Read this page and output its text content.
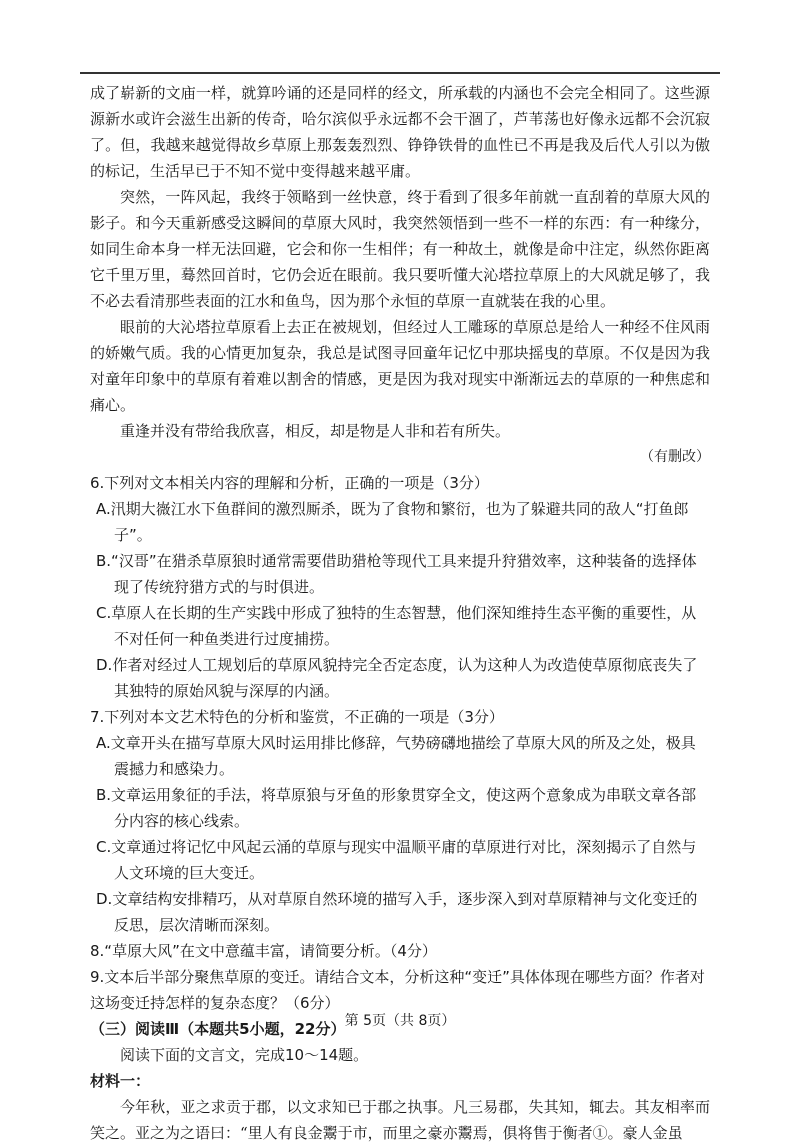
成了崭新的文庙一样，就算吟诵的还是同样的经文，所承载的内涵也不会完全相同了。这些源源新水或许会滋生出新的传奇，哈尔滨似乎永远都不会干涸了，芦苇荡也好像永远都不会沉寂了。但，我越来越觉得故乡草原上那轰轰烈烈、铮铮铁骨的血性已不再是我及后代人引以为傲的标记，生活早已于不知不觉中变得越来越平庸。

突然，一阵风起，我终于领略到一丝快意，终于看到了很多年前就一直刮着的草原大风的影子。和今天重新感受这瞬间的草原大风时，我突然领悟到一些不一样的东西：有一种缘分，如同生命本身一样无法回避，它会和你一生相伴；有一种故土，就像是命中注定，纵然你距离它千里万里，蓦然回首时，它仍会近在眼前。我只要听懂大沁塔拉草原上的大风就足够了，我不必去看清那些表面的江水和鱼鸟，因为那个永恒的草原一直就装在我的心里。

眼前的大沁塔拉草原看上去正在被规划，但经过人工雕琢的草原总是给人一种经不住风雨的娇嫩气质。我的心情更加复杂，我总是试图寻回童年记忆中那块摇曳的草原。不仅是因为我对童年印象中的草原有着难以割舍的情感，更是因为我对现实中渐渐远去的草原的一种焦虑和痛心。

重逢并没有带给我欣喜，相反，却是物是人非和若有所失。

（有删改）

6.下列对文本相关内容的理解和分析，正确的一项是（3分）

A.汛期大嶶江水下鱼群间的激烈厮杀，既为了食物和繁衍，也为了躲避共同的敌人“打鱼郎子”。

B.“汉哥”在猎杀草原狼时通常需要借助猎枪等现代工具来提升狩猎效率，这种装备的选择体现了传统狩猎方式的与时俱进。

C.草原人在长期的生产实践中形成了独特的生态智慧，他们深知维持生态平衡的重要性，从不对任何一种鱼类进行过度捕捞。

D.作者对经过人工规划后的草原风貌持完全否定态度，认为这种人为改造使草原彻底丧失了其独特的原始风貌与深厚的内涵。

7.下列对本文艺术特色的分析和鉴赏，不正确的一项是（3分）

A.文章开头在描写草原大风时运用排比修辞，气势磅礴地描绘了草原大风的所及之处，极具震撼力和感染力。

B.文章运用象征的手法，将草原狼与牙鱼的形象贯穿全文，使这两个意象成为串联文章各部分内容的核心线索。

C.文章通过将记忆中风起云涌的草原与现实中温顺平庸的草原进行对比，深刻揭示了自然与人文环境的巨大变迁。

D.文章结构安排精巧，从对草原自然环境的描写入手，逐步深入到对草原精神与文化变迁的反思，层次清晰而深刻。

8.“草原大风”在文中意蕴丰富，请简要分析。（4分）

9.文本后半部分聚焦草原的变迁。请结合文本，分析这种“变迁”具体体现在哪些方面？作者对这场变迁持怎样的复杂态度？（6分）

（三）阅读Ⅲ（本题共5小题，22分）

阅读下面的文言文，完成10～14题。

材料一：

今年秋，亚之求贡于郡，以文求知已于郡之执事。凡三易郡，失其知，辄去。其友相率而笑之。亚之为之语曰：“里人有良金鬻于市，而里之豪亦鬻焉，俱将售于衡者①。豪人金虽

第 5页（共 8页）
